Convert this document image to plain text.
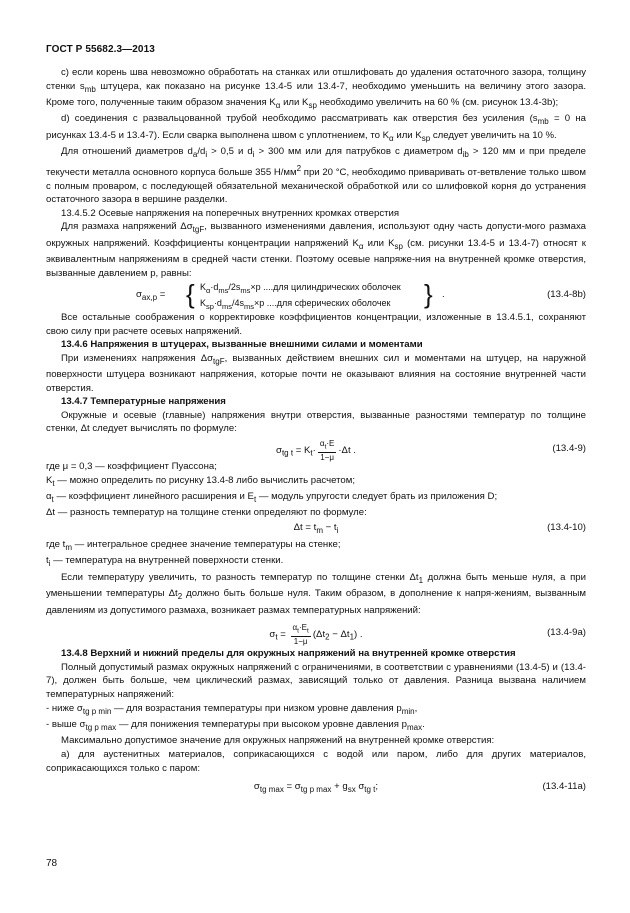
ГОСТ Р 55682.3—2013

с) если корень шва невозможно обработать на станках или отшлифовать до удаления остаточного зазора, толщину стенки $s_{mb}$ штуцера, как показано на рисунке 13.4-5 или 13.4-7, необходимо уменьшить на величину этого зазора. Кроме того, полученные таким образом значения $K_\alpha$ или $K_{sp}$ необходимо увеличить на 60 % (см. рисунок 13.4-3b);

d) соединения с развальцованной трубой необходимо рассматривать как отверстия без усиления ($s_{mb} = 0$ на рисунках 13.4-5 и 13.4-7). Если сварка выполнена швом с уплотнением, то $K_\alpha$ или $K_{sp}$ следует увеличить на 10 %.

Для отношений диаметров $d_a/d_i > 0,5$ и $d_i > 300$ мм или для патрубков с диаметром $d_{ib} > 120$ мм и при пределе текучести металла основного корпуса больше 355 $Н/мм^2$ при 20 °С, необходимо приваривать от-ветвление только швом с полным проваром, с последующей обязательной механической обработкой или со шлифовкой корня до устранения остаточного зазора в вершине разделки.

13.4.5.2 Осевые напряжения на поперечных внутренних кромках отверстия

Для размаха напряжений $\Delta\sigma_{tgF}$, вызванного изменениями давления, используют одну часть допусти-мого размаха окружных напряжений. Коэффициенты концентрации напряжений $K_\alpha$ или $K_{sp}$ (см. рисунки 13.4-5 и 13.4-7) относят к эквивалентным напряжениям в средней части стенки. Поэтому осевые напряже-ния на внутренней кромке отверстия, вызванные давлением p, равны:

$\sigma_{ax,p}$ = { $K_\alpha\cdot d_{ms}/2s_{ms}\times p$ ....для цилиндрических оболочек
$K_{sp}\cdot d_{ms}/4s_{ms}\times p$ ....для сферических оболочек	} .	(13.4-8b)

Все остальные соображения о корректировке коэффициентов концентрации, изложенные в 13.4.5.1, сохраняют свою силу при расчете осевых напряжений.

13.4.6 Напряжения в штуцерах, вызванные внешними силами и моментами

При изменениях напряжения $\Delta\sigma_{tgF}$, вызванных действием внешних сил и моментами на штуцер, на наружной поверхности штуцера возникают напряжения, которые почти не оказывают влияния на состояние внутренней части отверстия.

13.4.7 Температурные напряжения

Окружные и осевые (главные) напряжения внутри отверстия, вызванные разностями температур по толщине стенки, Δt следует вычислять по формуле:

$\sigma_{tg t} = K_t\cdot \frac{\alpha_t\cdot E}{1-\mu} \cdot\Delta t$ .	(13.4-9)

где μ = 0,3 — коэффициент Пуассона;

$K_t$ — можно определить по рисунку 13.4-8 либо вычислить расчетом;

$\alpha_t$ — коэффициент линейного расширения и $E_t$ — модуль упругости следует брать из приложения D;

Δt — разность температур на толщине стенки определяют по формуле:

$\Delta t = t_m - t_i$	(13.4-10)

где $t_m$ — интегральное среднее значение температуры на стенке;

$t_i$ — температура на внутренней поверхности стенки.

Если температуру увеличить, то разность температур по толщине стенки $\Delta t_1$ должна быть меньше нуля, а при уменьшении температуры $\Delta t_2$ должно быть больше нуля. Таким образом, в дополнение к напря-жениям, вызванным давлениям из допустимого размаха, возникает размах температурных напряжений:

$\sigma_t = \frac{\alpha_t\cdot E_t}{1-\mu} (\Delta t_2 - \Delta t_1)$ .	(13.4-9a)

13.4.8 Верхний и нижний пределы для окружных напряжений на внутренней кромке отверстия

Полный допустимый размах окружных напряжений с ограничениями, в соответствии с уравнениями (13.4-5) и (13.4-7), должен быть больше, чем циклический размах, зависящий только от давления. Разница вызвана наличием температурных напряжений:

- ниже $\sigma_{tg p min}$ — для возрастания температуры при низком уровне давления $p_{min}$,

- выше $\sigma_{tg p max}$ — для понижения температуры при высоком уровне давления $p_{max}$.

Максимально допустимое значение для окружных напряжений на внутренней кромке отверстия:

а) для аустенитных материалов, соприкасающихся с водой или паром, либо для других материалов, соприкасающихся только с паром:

$\sigma_{tg max} = \sigma_{tg p max} + g_{sx}$ $\sigma_{tg t}$;	(13.4-11а)
78
